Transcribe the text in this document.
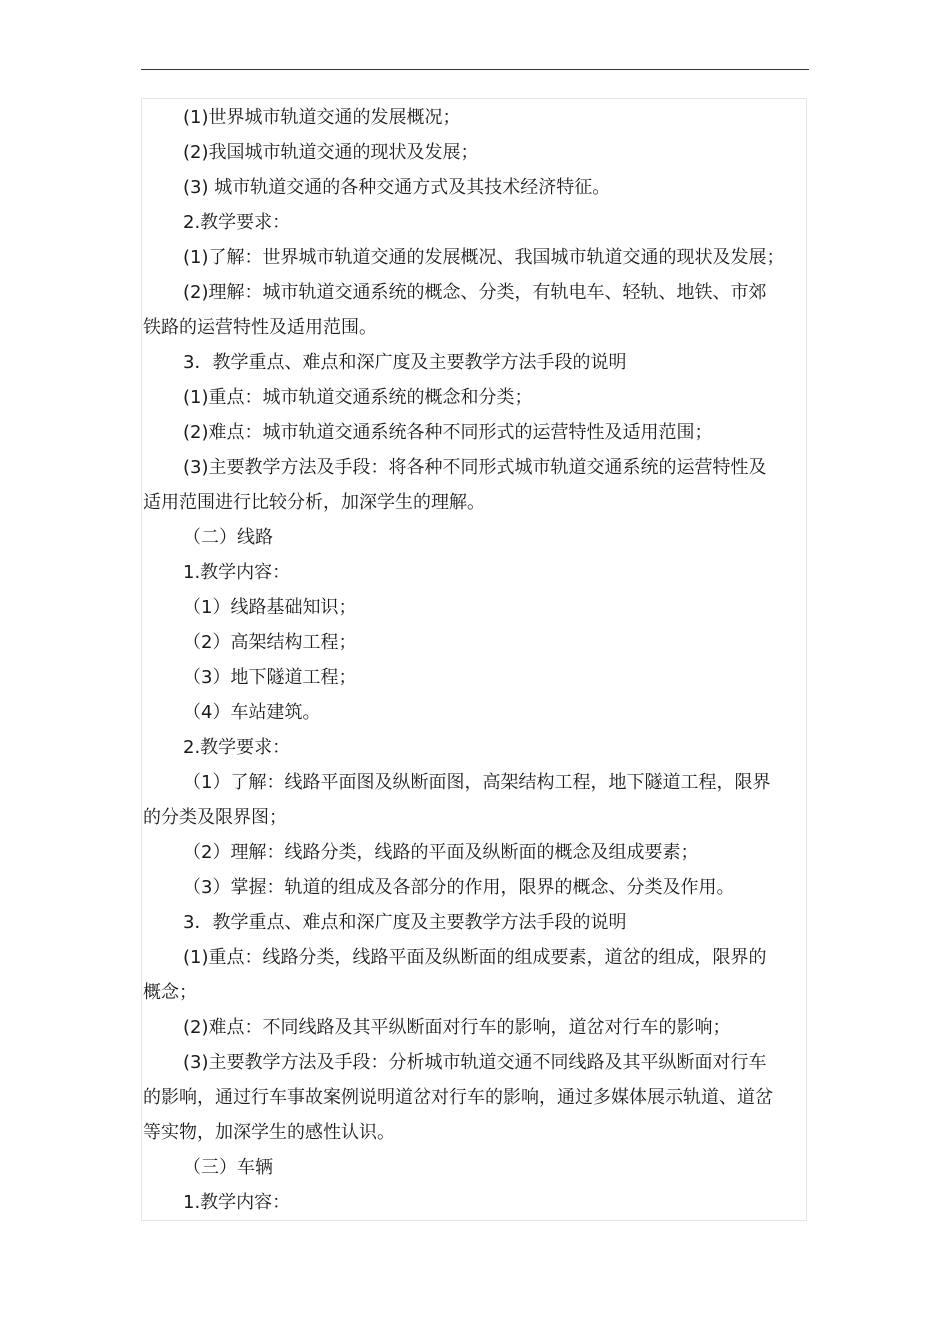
(1)世界城市轨道交通的发展概况；

(2)我国城市轨道交通的现状及发展；

(3) 城市轨道交通的各种交通方式及其技术经济特征。

2.教学要求：

(1)了解：世界城市轨道交通的发展概况、我国城市轨道交通的现状及发展；

(2)理解：城市轨道交通系统的概念、分类，有轨电车、轻轨、地铁、市郊

铁路的运营特性及适用范围。

3．教学重点、难点和深广度及主要教学方法手段的说明

(1)重点：城市轨道交通系统的概念和分类；

(2)难点：城市轨道交通系统各种不同形式的运营特性及适用范围；

(3)主要教学方法及手段：将各种不同形式城市轨道交通系统的运营特性及

适用范围进行比较分析，加深学生的理解。

（二）线路

1.教学内容：

（1）线路基础知识；

（2）高架结构工程；

（3）地下隧道工程；

（4）车站建筑。

2.教学要求：

（1）了解：线路平面图及纵断面图，高架结构工程，地下隧道工程，限界

的分类及限界图；

（2）理解：线路分类，线路的平面及纵断面的概念及组成要素；

（3）掌握：轨道的组成及各部分的作用，限界的概念、分类及作用。

3．教学重点、难点和深广度及主要教学方法手段的说明

(1)重点：线路分类，线路平面及纵断面的组成要素，道岔的组成，限界的

概念；

(2)难点：不同线路及其平纵断面对行车的影响，道岔对行车的影响；

(3)主要教学方法及手段：分析城市轨道交通不同线路及其平纵断面对行车

的影响，通过行车事故案例说明道岔对行车的影响，通过多媒体展示轨道、道岔

等实物，加深学生的感性认识。

（三）车辆

1.教学内容：
